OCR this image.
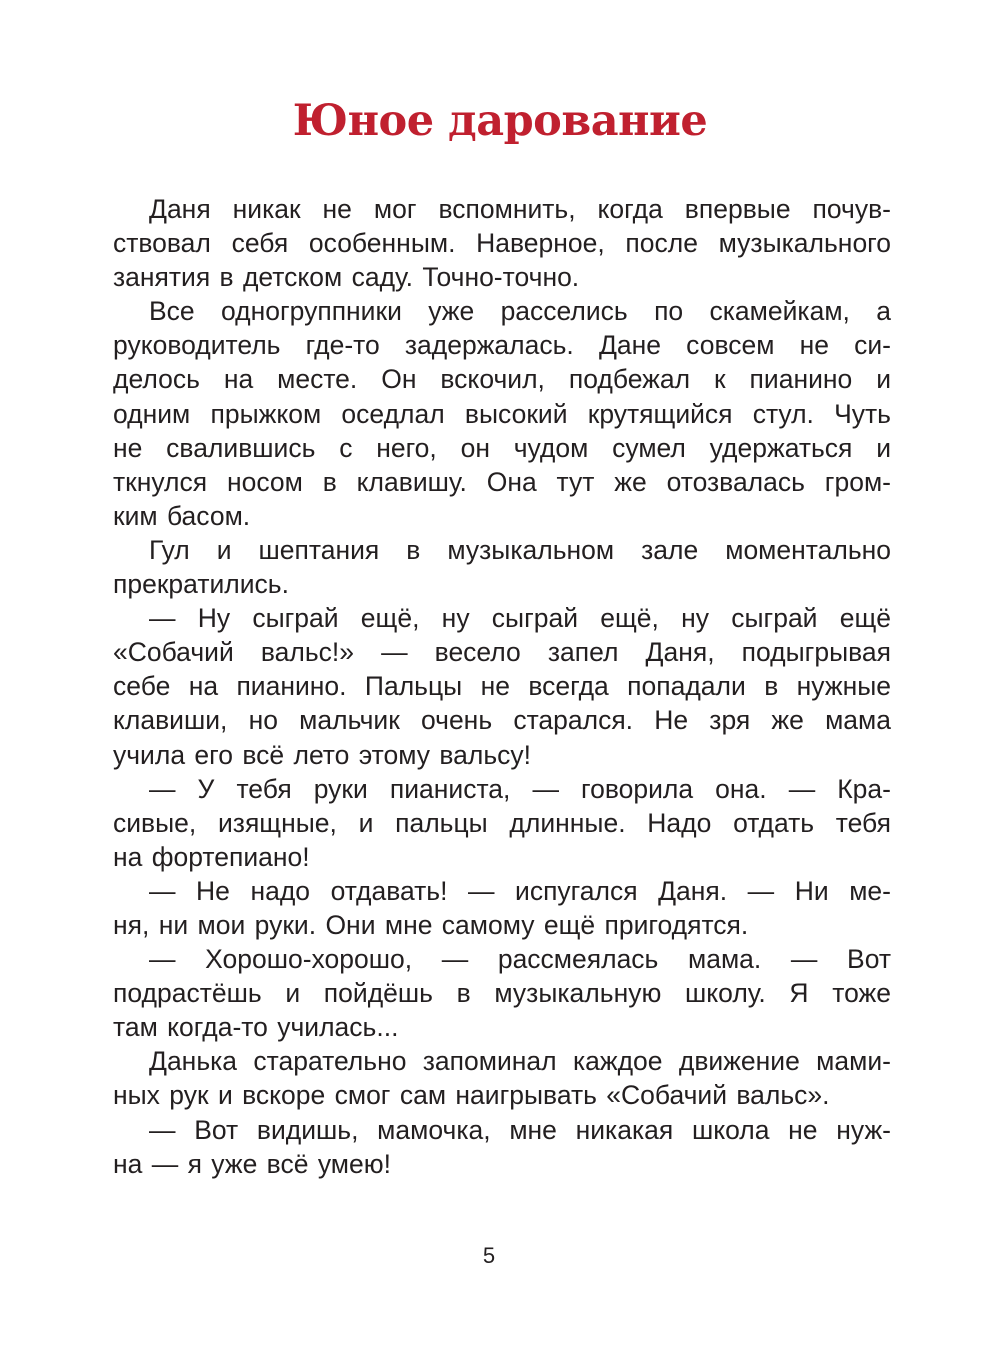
Юное дарование

Даня никак не мог вспомнить, когда впервые почув-
ствовал себя особенным. Наверное, после музыкального
занятия в детском саду. Точно-точно.

Все одногруппники уже расселись по скамейкам, а
руководитель где-то задержалась. Дане совсем не си-
делось на месте. Он вскочил, подбежал к пианино и
одним прыжком оседлал высокий крутящийся стул. Чуть
не свалившись с него, он чудом сумел удержаться и
ткнулся носом в клавишу. Она тут же отозвалась гром-
ким басом.

Гул и шептания в музыкальном зале моментально
прекратились.

— Ну сыграй ещё, ну сыграй ещё, ну сыграй ещё
«Собачий вальс!» — весело запел Даня, подыгрывая
себе на пианино. Пальцы не всегда попадали в нужные
клавиши, но мальчик очень старался. Не зря же мама
учила его всё лето этому вальсу!

— У тебя руки пианиста, — говорила она. — Кра-
сивые, изящные, и пальцы длинные. Надо отдать тебя
на фортепиано!

— Не надо отдавать! — испугался Даня. — Ни ме-
ня, ни мои руки. Они мне самому ещё пригодятся.

— Хорошо-хорошо, — рассмеялась мама. — Вот
подрастёшь и пойдёшь в музыкальную школу. Я тоже
там когда-то училась...

Данька старательно запоминал каждое движение мами-
ных рук и вскоре смог сам наигрывать «Собачий вальс».

— Вот видишь, мамочка, мне никакая школа не нуж-
на — я уже всё умею!

5
